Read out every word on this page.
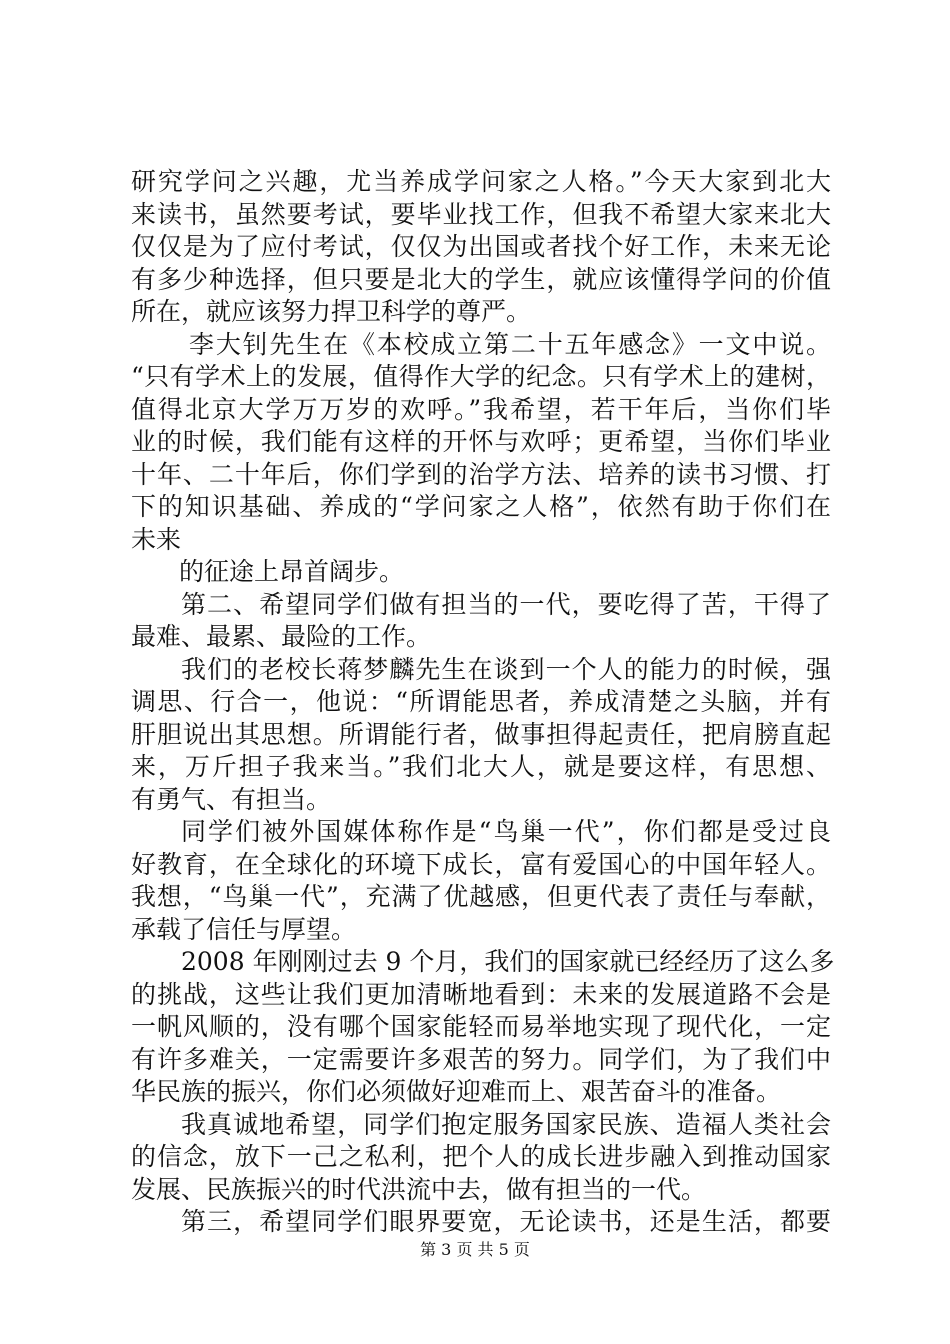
研究学问之兴趣，尤当养成学问家之人格。”今天大家到北大
来读书，虽然要考试，要毕业找工作，但我不希望大家来北大
仅仅是为了应付考试，仅仅为出国或者找个好工作，未来无论
有多少种选择，但只要是北大的学生，就应该懂得学问的价值
所在，就应该努力捍卫科学的尊严。
李大钊先生在《本校成立第二十五年感念》一文中说。
“只有学术上的发展，值得作大学的纪念。只有学术上的建树，
值得北京大学万万岁的欢呼。”我希望，若干年后，当你们毕
业的时候，我们能有这样的开怀与欢呼；更希望，当你们毕业
十年、二十年后，你们学到的治学方法、培养的读书习惯、打
下的知识基础、养成的“学问家之人格”，依然有助于你们在
未来
的征途上昂首阔步。
第二、希望同学们做有担当的一代，要吃得了苦，干得了
最难、最累、最险的工作。
我们的老校长蒋梦麟先生在谈到一个人的能力的时候，强
调思、行合一，他说：“所谓能思者，养成清楚之头脑，并有
肝胆说出其思想。所谓能行者，做事担得起责任，把肩膀直起
来，万斤担子我来当。”我们北大人，就是要这样，有思想、
有勇气、有担当。
同学们被外国媒体称作是“鸟巢一代”，你们都是受过良
好教育，在全球化的环境下成长，富有爱国心的中国年轻人。
我想，“鸟巢一代”，充满了优越感，但更代表了责任与奉献，
承载了信任与厚望。
2008 年刚刚过去 9 个月，我们的国家就已经经历了这么多
的挑战，这些让我们更加清晰地看到：未来的发展道路不会是
一帆风顺的，没有哪个国家能轻而易举地实现了现代化，一定
有许多难关，一定需要许多艰苦的努力。同学们，为了我们中
华民族的振兴，你们必须做好迎难而上、艰苦奋斗的准备。
我真诚地希望，同学们抱定服务国家民族、造福人类社会
的信念，放下一己之私利，把个人的成长进步融入到推动国家
发展、民族振兴的时代洪流中去，做有担当的一代。
第三，希望同学们眼界要宽，无论读书，还是生活，都要
第 3 页 共 5 页
